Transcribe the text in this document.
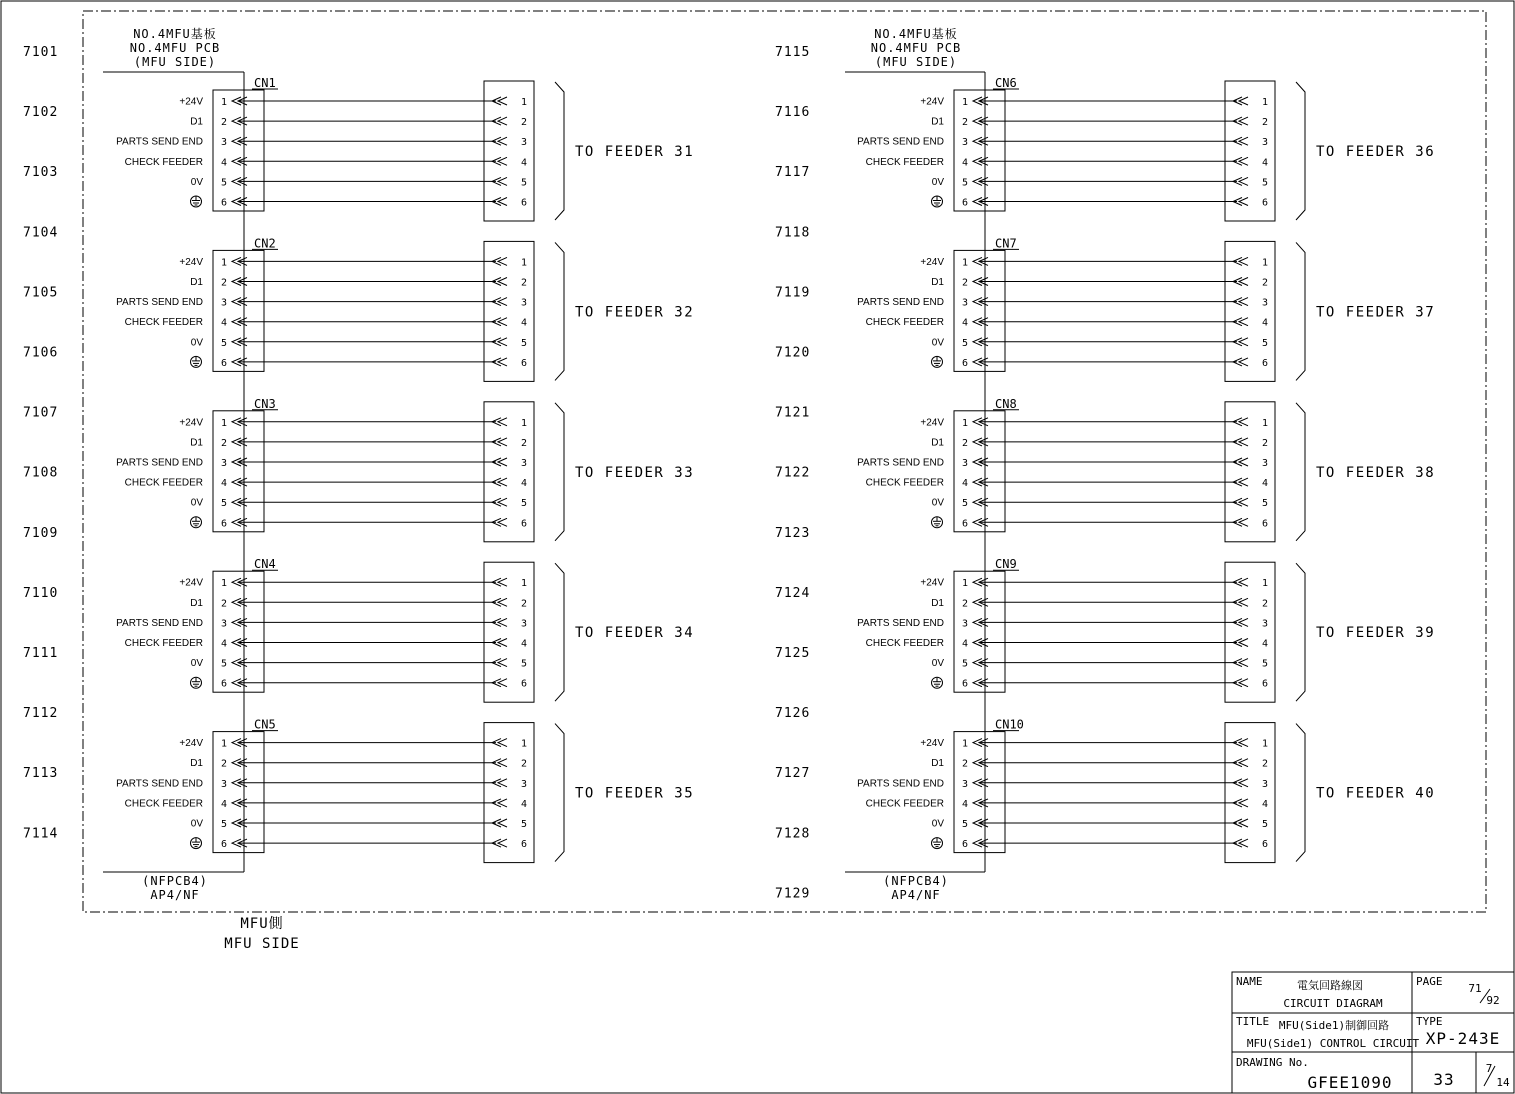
7101
7102
7103
7104
7105
7106
7107
7108
7109
7110
7111
7112
7113
7114
7115
7116
7117
7118
7119
7120
7121
7122
7123
7124
7125
7126
7127
7128
7129
NO.4MFU基板
NO.4MFU PCB
(MFU SIDE)
(NFPCB4)
AP4/NF
CN1
+24V 1	1
D1 2	2
PARTS SEND END 3	3
CHECK FEEDER 4	4
0V 5	5
6	6
TO FEEDER 31
CN2
+24V 1	1
D1 2	2
PARTS SEND END 3	3
CHECK FEEDER 4	4
0V 5	5
6	6
TO FEEDER 32
CN3
+24V 1	1
D1 2	2
PARTS SEND END 3	3
CHECK FEEDER 4	4
0V 5	5
6	6
TO FEEDER 33
CN4
+24V 1	1
D1 2	2
PARTS SEND END 3	3
CHECK FEEDER 4	4
0V 5	5
6	6
TO FEEDER 34
CN5
+24V 1	1
D1 2	2
PARTS SEND END 3	3
CHECK FEEDER 4	4
0V 5	5
6	6
TO FEEDER 35
NO.4MFU基板
NO.4MFU PCB
(MFU SIDE)
(NFPCB4)
AP4/NF
CN6
+24V 1	1
D1 2	2
PARTS SEND END 3	3
CHECK FEEDER 4	4
0V 5	5
6	6
TO FEEDER 36
CN7
+24V 1	1
D1 2	2
PARTS SEND END 3	3
CHECK FEEDER 4	4
0V 5	5
6	6
TO FEEDER 37
CN8
+24V 1	1
D1 2	2
PARTS SEND END 3	3
CHECK FEEDER 4	4
0V 5	5
6	6
TO FEEDER 38
CN9
+24V 1	1
D1 2	2
PARTS SEND END 3	3
CHECK FEEDER 4	4
0V 5	5
6	6
TO FEEDER 39
CN10
+24V 1	1
D1 2	2
PARTS SEND END 3	3
CHECK FEEDER 4	4
0V 5	5
6	6
TO FEEDER 40
MFU側
MFU SIDE
NAME	電気回路線図
CIRCUIT DIAGRAM
PAGE
71
92
TITLE MFU(Side1)制御回路
MFU(Side1) CONTROL CIRCUIT
TYPE
XP-243E
DRAWING No.
GFEE1090	33
7
14
